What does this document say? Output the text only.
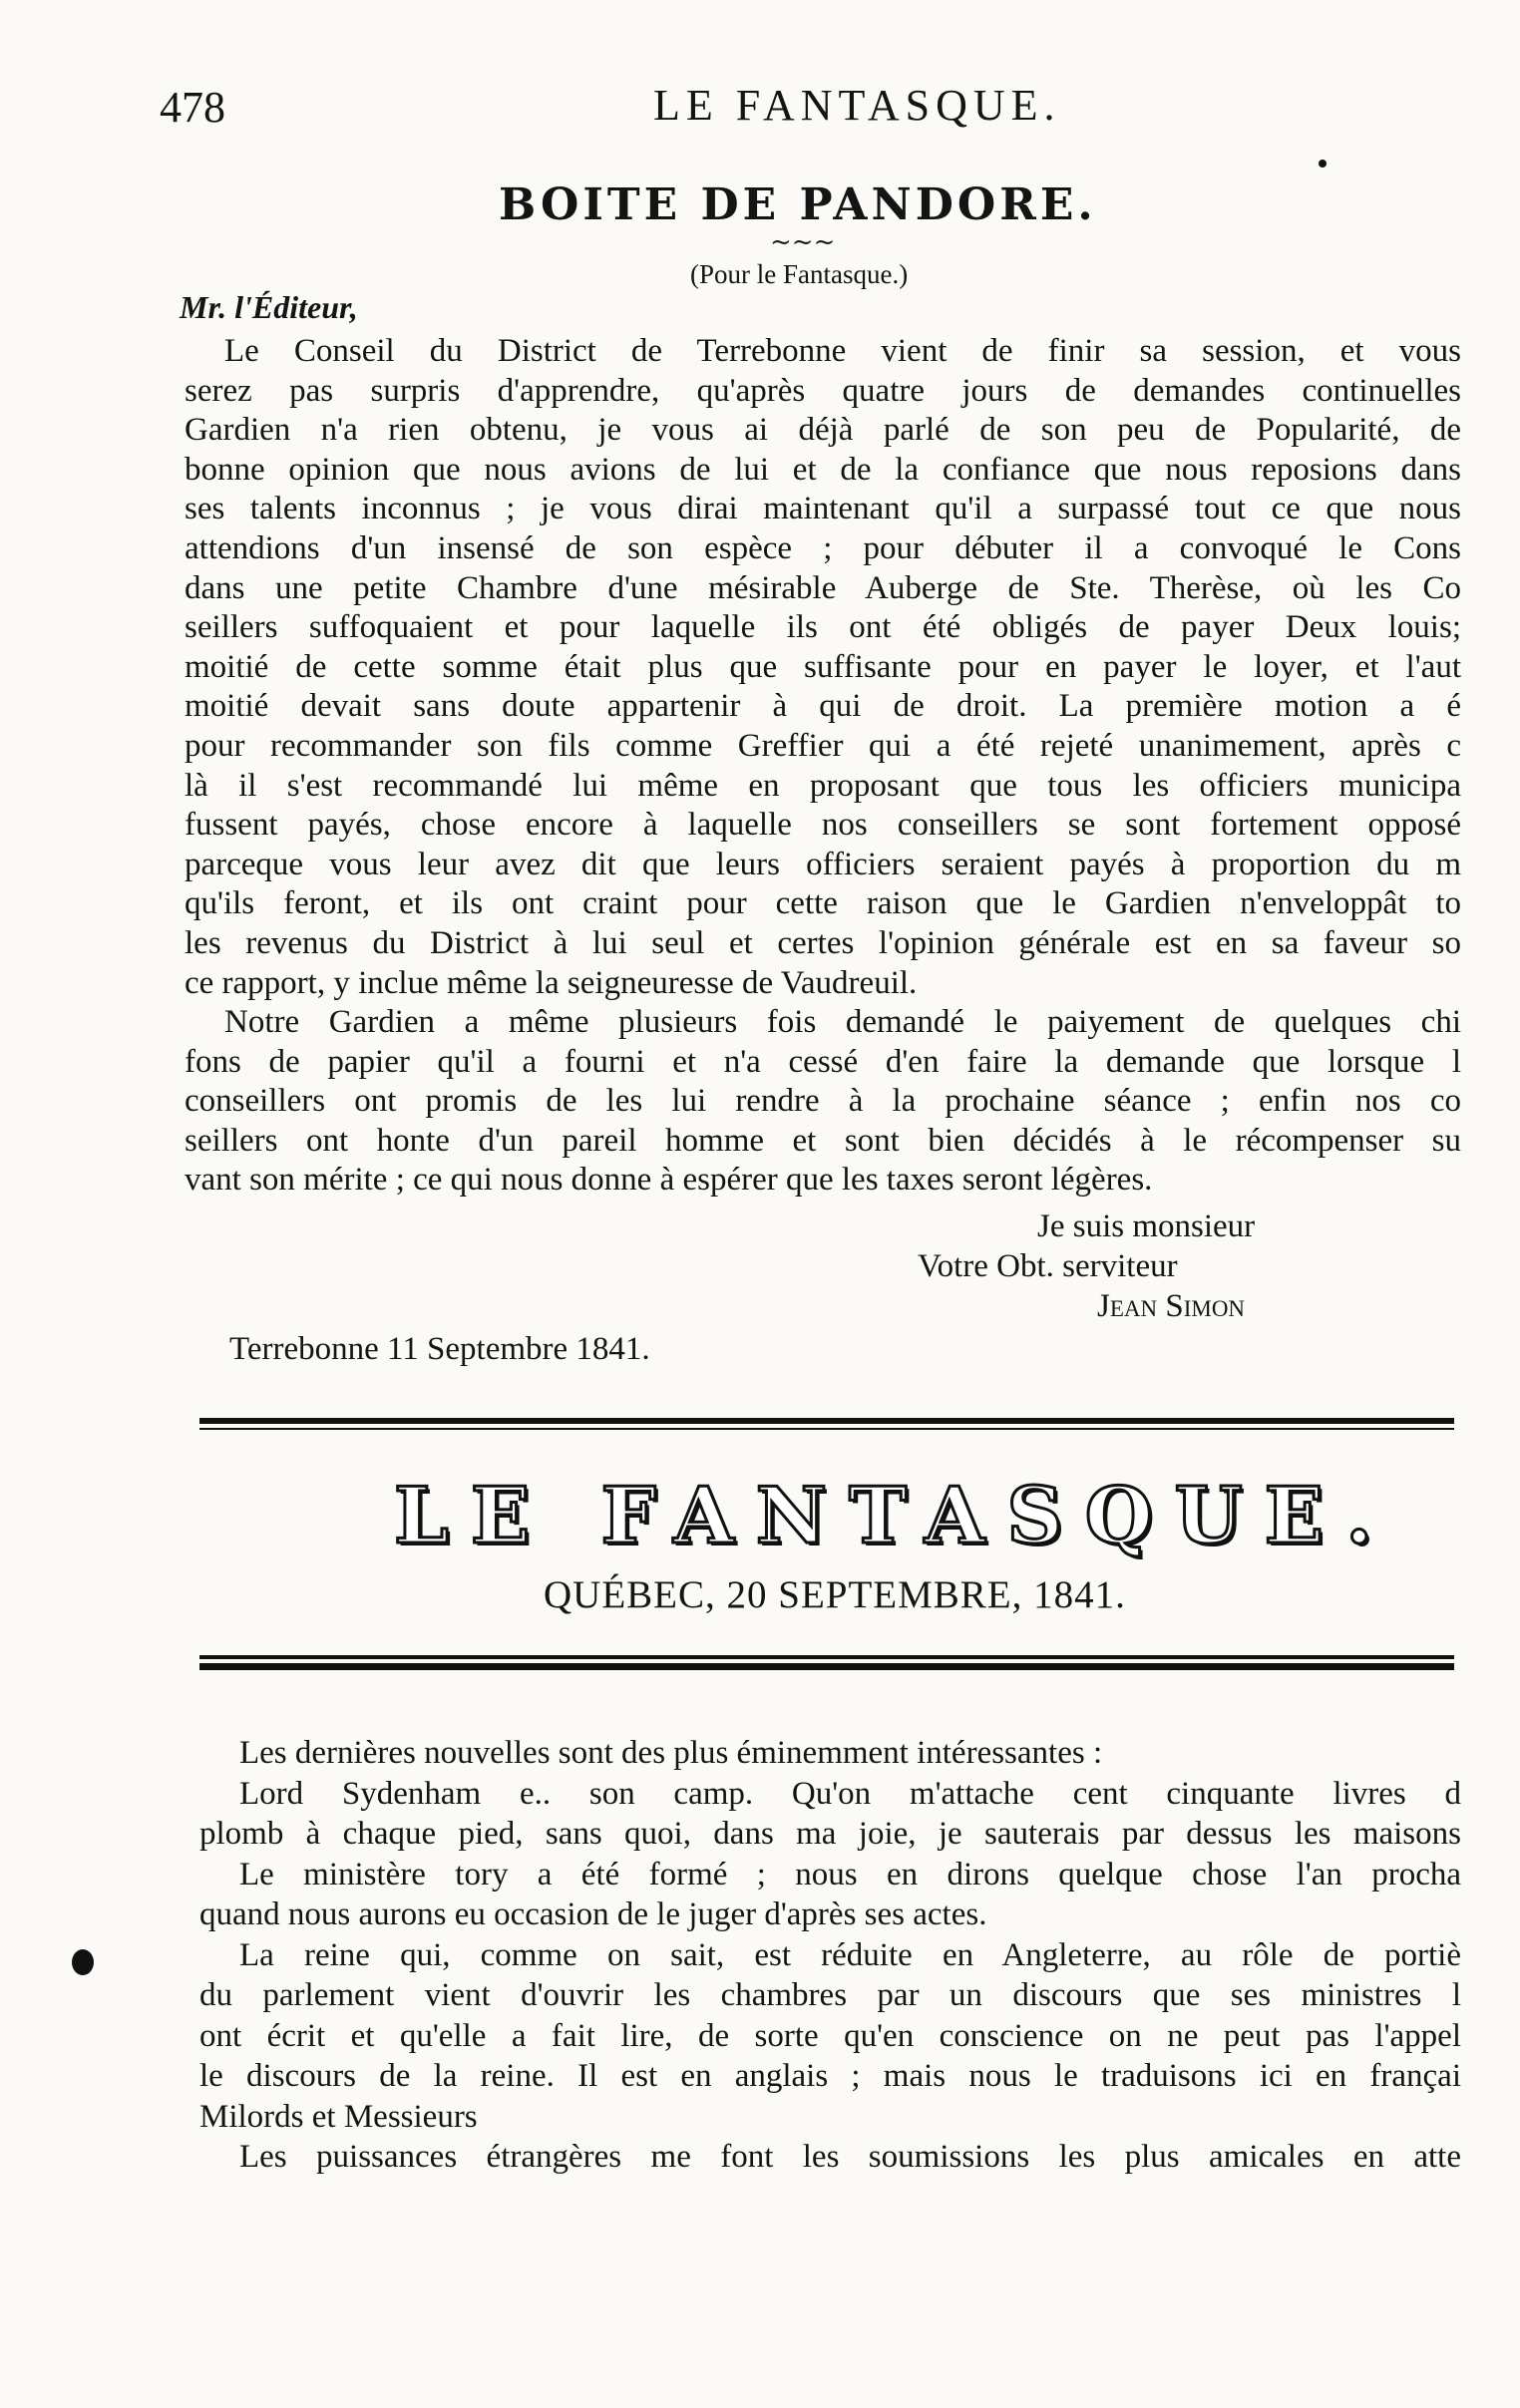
478	LE FANTASQUE.
BOITE DE PANDORE.
~~~
(Pour le Fantasque.)
Mr. l'Éditeur,
Le Conseil du District de Terrebonne vient de finir sa session, et vous
serez pas surpris d'apprendre, qu'après quatre jours de demandes continuelles
Gardien n'a rien obtenu, je vous ai déjà parlé de son peu de Popularité, de
bonne opinion que nous avions de lui et de la confiance que nous reposions dans
ses talents inconnus ; je vous dirai maintenant qu'il a surpassé tout ce que nous
attendions d'un insensé de son espèce ; pour débuter il a convoqué le Cons
dans une petite Chambre d'une mésirable Auberge de Ste. Therèse, où les Co
seillers suffoquaient et pour laquelle ils ont été obligés de payer Deux louis;
moitié de cette somme était plus que suffisante pour en payer le loyer, et l'aut
moitié devait sans doute appartenir à qui de droit. La première motion a é
pour recommander son fils comme Greffier qui a été rejeté unanimement, après c
là il s'est recommandé lui même en proposant que tous les officiers municipa
fussent payés, chose encore à laquelle nos conseillers se sont fortement opposé
parceque vous leur avez dit que leurs officiers seraient payés à proportion du m
qu'ils feront, et ils ont craint pour cette raison que le Gardien n'enveloppât to
les revenus du District à lui seul et certes l'opinion générale est en sa faveur so
ce rapport, y inclue même la seigneuresse de Vaudreuil.
Notre Gardien a même plusieurs fois demandé le paiyement de quelques chi
fons de papier qu'il a fourni et n'a cessé d'en faire la demande que lorsque l
conseillers ont promis de les lui rendre à la prochaine séance ; enfin nos co
seillers ont honte d'un pareil homme et sont bien décidés à le récompenser su
vant son mérite ; ce qui nous donne à espérer que les taxes seront légères.
Je suis monsieur
Votre Obt. serviteur
Jean Simon
Terrebonne 11 Septembre 1841.
LE FANTASQUE.
QUÉBEC, 20 SEPTEMBRE, 1841.
Les dernières nouvelles sont des plus éminemment intéressantes :
Lord Sydenham e.. son camp. Qu'on m'attache cent cinquante livres d
plomb à chaque pied, sans quoi, dans ma joie, je sauterais par dessus les maisons
Le ministère tory a été formé ; nous en dirons quelque chose l'an procha
quand nous aurons eu occasion de le juger d'après ses actes.
La reine qui, comme on sait, est réduite en Angleterre, au rôle de portiè
du parlement vient d'ouvrir les chambres par un discours que ses ministres l
ont écrit et qu'elle a fait lire, de sorte qu'en conscience on ne peut pas l'appel
le discours de la reine. Il est en anglais ; mais nous le traduisons ici en françai
Milords et Messieurs
Les puissances étrangères me font les soumissions les plus amicales en atte
